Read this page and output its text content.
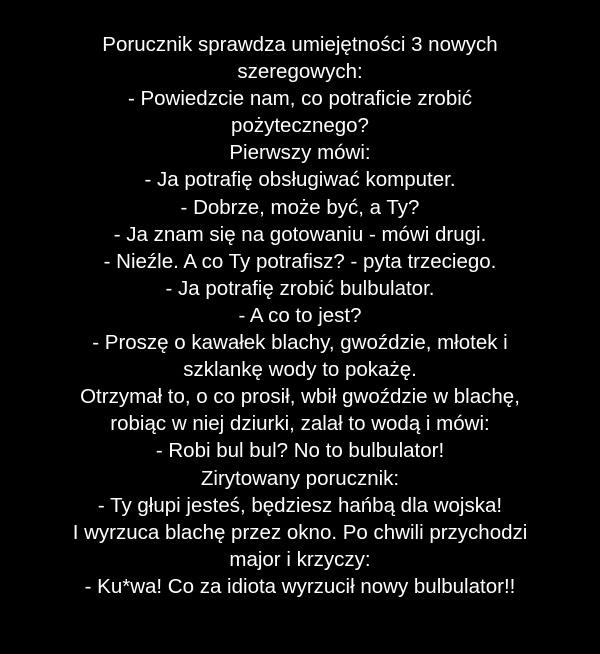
Porucznik sprawdza umiejętności 3 nowych
szeregowych:
- Powiedzcie nam, co potraficie zrobić
pożytecznego?
Pierwszy mówi:
- Ja potrafię obsługiwać komputer.
- Dobrze, może być, a Ty?
- Ja znam się na gotowaniu - mówi drugi.
- Nieźle. A co Ty potrafisz? - pyta trzeciego.
- Ja potrafię zrobić bulbulator.
- A co to jest?
- Proszę o kawałek blachy, gwoździe, młotek i
szklankę wody to pokażę.
Otrzymał to, o co prosił, wbił gwoździe w blachę,
robiąc w niej dziurki, zalał to wodą i mówi:
- Robi bul bul? No to bulbulator!
Zirytowany porucznik:
- Ty głupi jesteś, będziesz hańbą dla wojska!
I wyrzuca blachę przez okno. Po chwili przychodzi
major i krzyczy:
- Ku*wa! Co za idiota wyrzucił nowy bulbulator!!
